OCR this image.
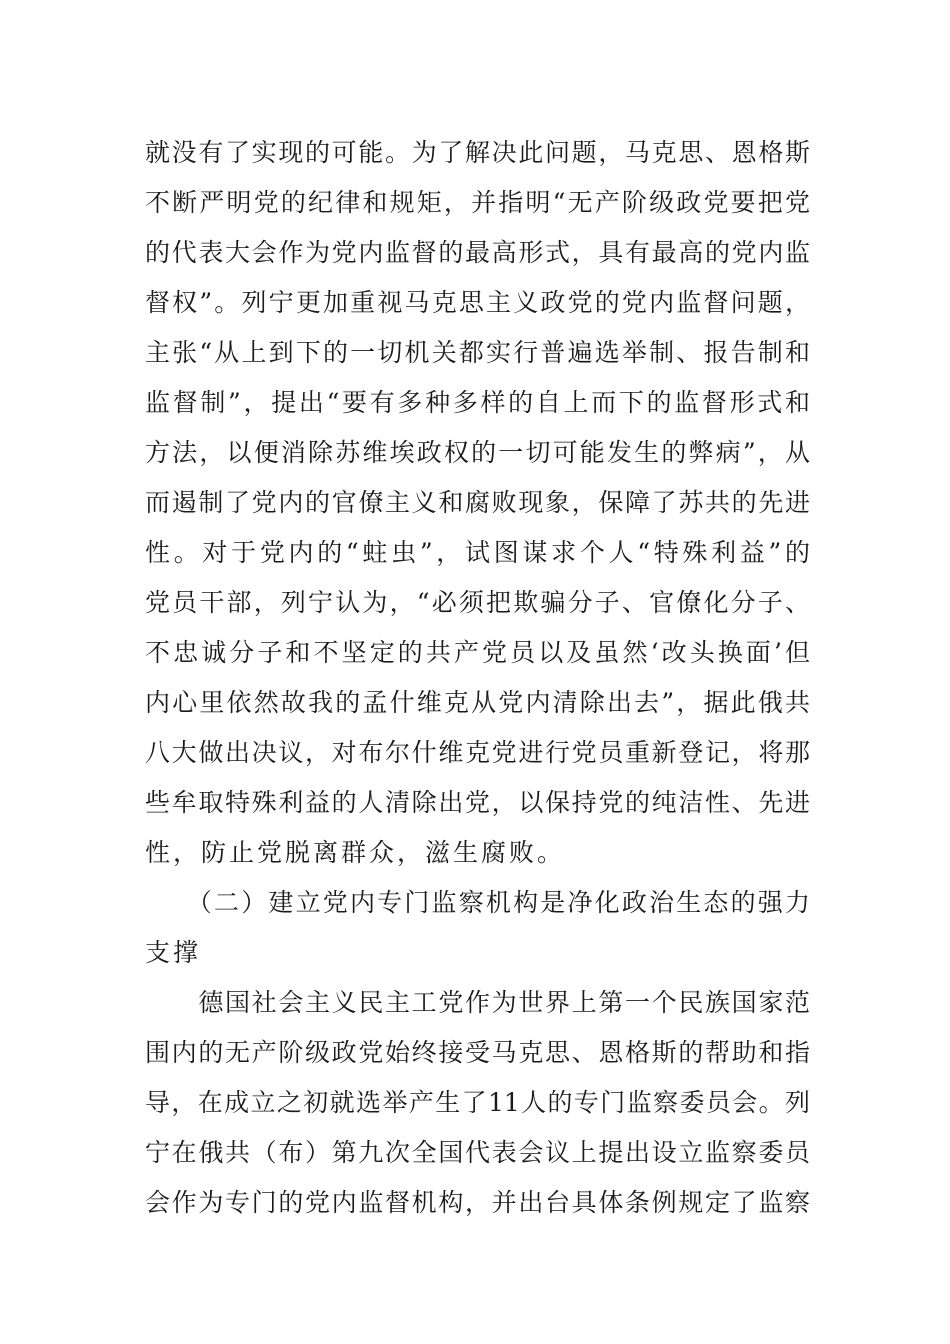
就没有了实现的可能。为了解决此问题，马克思、恩格斯
不断严明党的纪律和规矩，并指明“无产阶级政党要把党
的代表大会作为党内监督的最高形式，具有最高的党内监
督权”。列宁更加重视马克思主义政党的党内监督问题，
主张“从上到下的一切机关都实行普遍选举制、报告制和
监督制”，提出“要有多种多样的自上而下的监督形式和
方法，以便消除苏维埃政权的一切可能发生的弊病”，从
而遏制了党内的官僚主义和腐败现象，保障了苏共的先进
性。对于党内的“蛀虫”，试图谋求个人“特殊利益”的
党员干部，列宁认为，“必须把欺骗分子、官僚化分子、
不忠诚分子和不坚定的共产党员以及虽然‘改头换面’但
内心里依然故我的孟什维克从党内清除出去”，据此俄共
八大做出决议，对布尔什维克党进行党员重新登记，将那
些牟取特殊利益的人清除出党，以保持党的纯洁性、先进
性，防止党脱离群众，滋生腐败。
　　（二）建立党内专门监察机构是净化政治生态的强力
支撑
　　德国社会主义民主工党作为世界上第一个民族国家范
围内的无产阶级政党始终接受马克思、恩格斯的帮助和指
导，在成立之初就选举产生了11人的专门监察委员会。列
宁在俄共（布）第九次全国代表会议上提出设立监察委员
会作为专门的党内监督机构，并出台具体条例规定了监察
